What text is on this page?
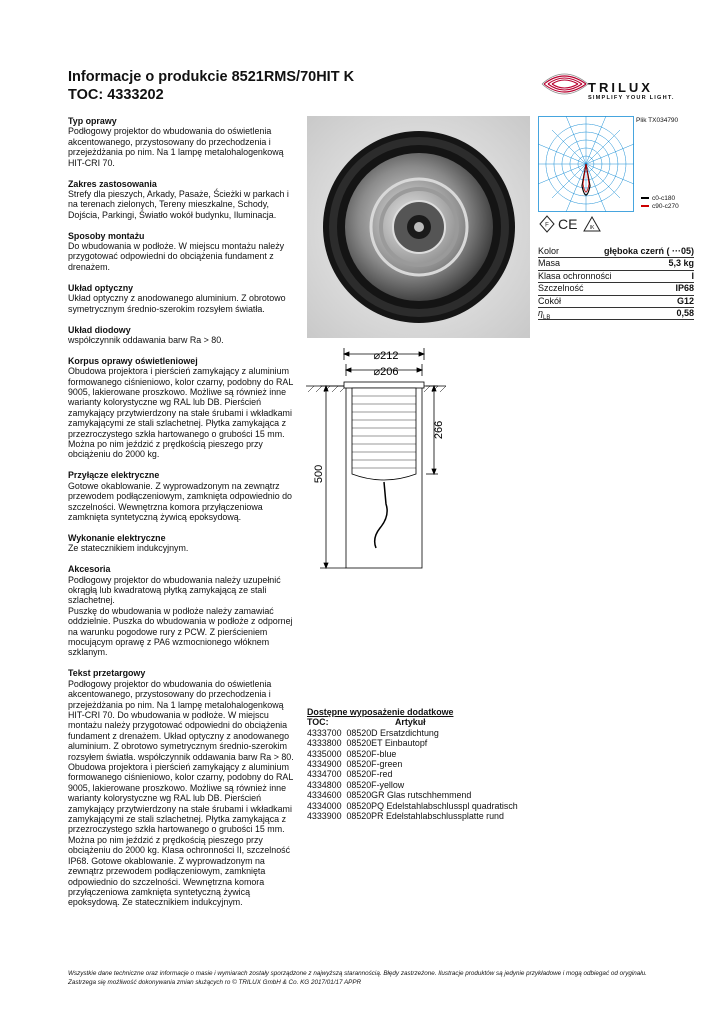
Informacje o produkcie 8521RMS/70HIT K
TOC: 4333202	TRILUX
SIMPLIFY YOUR LIGHT.
Typ oprawy
Podłogowy projektor do wbudowania do oświetlenia akcentowanego, przystosowany do przechodzenia i przejeżdżania po nim. Na 1 lampę metalohalogenkową HIT-CRI 70.
Zakres zastosowania
Strefy dla pieszych, Arkady, Pasaże, Ścieżki w parkach i na terenach zielonych, Tereny mieszkalne, Schody, Dojścia, Parkingi, Światło wokół budynku, Iluminacja.
Sposoby montażu
Do wbudowania w podłoże. W miejscu montażu należy przygotować odpowiedni do obciążenia fundament z drenażem.
Układ optyczny
Układ optyczny z anodowanego aluminium. Z obrotowo symetrycznym średnio-szerokim rozsyłem światła.
Układ diodowy
współczynnik oddawania barw Ra > 80.
Korpus oprawy oświetleniowej
Obudowa projektora i pierścień zamykający z aluminium formowanego ciśnieniowo, kolor czarny, podobny do RAL 9005, lakierowane proszkowo. Możliwe są również inne warianty kolorystyczne wg RAL lub DB. Pierścień zamykający przytwierdzony na stałe śrubami i wkładkami zamykającymi ze stali szlachetnej. Płytka zamykająca z przezroczystego szkła hartowanego o grubości 15 mm. Można po nim jeździć z prędkością pieszego przy obciążeniu do 2000 kg.
Przyłącze elektryczne
Gotowe okablowanie. Z wyprowadzonym na zewnątrz przewodem podłączeniowym, zamknięta odpowiednio do szczelności. Wewnętrzna komora przyłączeniowa zamknięta syntetyczną żywicą epoksydową.
Wykonanie elektryczne
Ze statecznikiem indukcyjnym.
Akcesoria
Podłogowy projektor do wbudowania należy uzupełnić okrągłą lub kwadratową płytką zamykającą ze stali szlachetnej.
Puszkę do wbudowania w podłoże należy zamawiać oddzielnie. Puszka do wbudowania w podłoże z odpornej na warunku pogodowe rury z PCW. Z pierścieniem mocującym oprawę z PA6 wzmocnionego włóknem szklanym.
Tekst przetargowy
Podłogowy projektor do wbudowania do oświetlenia akcentowanego, przystosowany do przechodzenia i przejeżdżania po nim. Na 1 lampę metalohalogenkową HIT-CRI 70. Do wbudowania w podłoże. W miejscu montażu należy przygotować odpowiedni do obciążenia fundament z drenażem. Układ optyczny z anodowanego aluminium. Z obrotowo symetrycznym średnio-szerokim rozsyłem światła. współczynnik oddawania barw Ra > 80. Obudowa projektora i pierścień zamykający z aluminium formowanego ciśnieniowo, kolor czarny, podobny do RAL 9005, lakierowane proszkowo. Możliwe są również inne warianty kolorystyczne wg RAL lub DB. Pierścień zamykający przytwierdzony na stałe śrubami i wkładkami zamykającymi ze stali szlachetnej. Płytka zamykająca z przezroczystego szkła hartowanego o grubości 15 mm. Można po nim jeździć z prędkością pieszego przy obciążeniu do 2000 kg. Klasa ochronności II, szczelność IP68. Gotowe okablowanie. Z wyprowadzonym na zewnątrz przewodem podłączeniowym, zamknięta odpowiednio do szczelności. Wewnętrzna komora przyłączeniowa zamknięta syntetyczną żywicą epoksydową. Ze statecznikiem indukcyjnym.
Plik TX034790
c0-c180
c90-c270
F CE IK
Kolor	głęboka czerń ( ···05)
Masa	5,3 kg
Klasa ochronności	I
Szczelność	IP68
Cokół	G12
$\eta_{LB}$	0,58
⌀212
⌀206
266
500
Dostępne wyposażenie dodatkowe
TOC:	Artykuł
4333700 08520D Ersatzdichtung
4333800 08520ET Einbautopf
4335000 08520F-blue
4334900 08520F-green
4334700 08520F-red
4334800 08520F-yellow
4334600 08520GR Glas rutschhemmend
4334000 08520PQ Edelstahlabschlusspl quadratisch
4333900 08520PR Edelstahlabschlussplatte rund
Wszystkie dane techniczne oraz informacje o masie i wymiarach zostały sporządzone z najwyższą starannością. Błędy zastrzeżone. Ilustracje produktów są jedynie przykładowe i mogą odbiegać od oryginału. Zastrzega się możliwość dokonywania zmian służących ro © TRILUX GmbH & Co. KG 2017/01/17 APPR
